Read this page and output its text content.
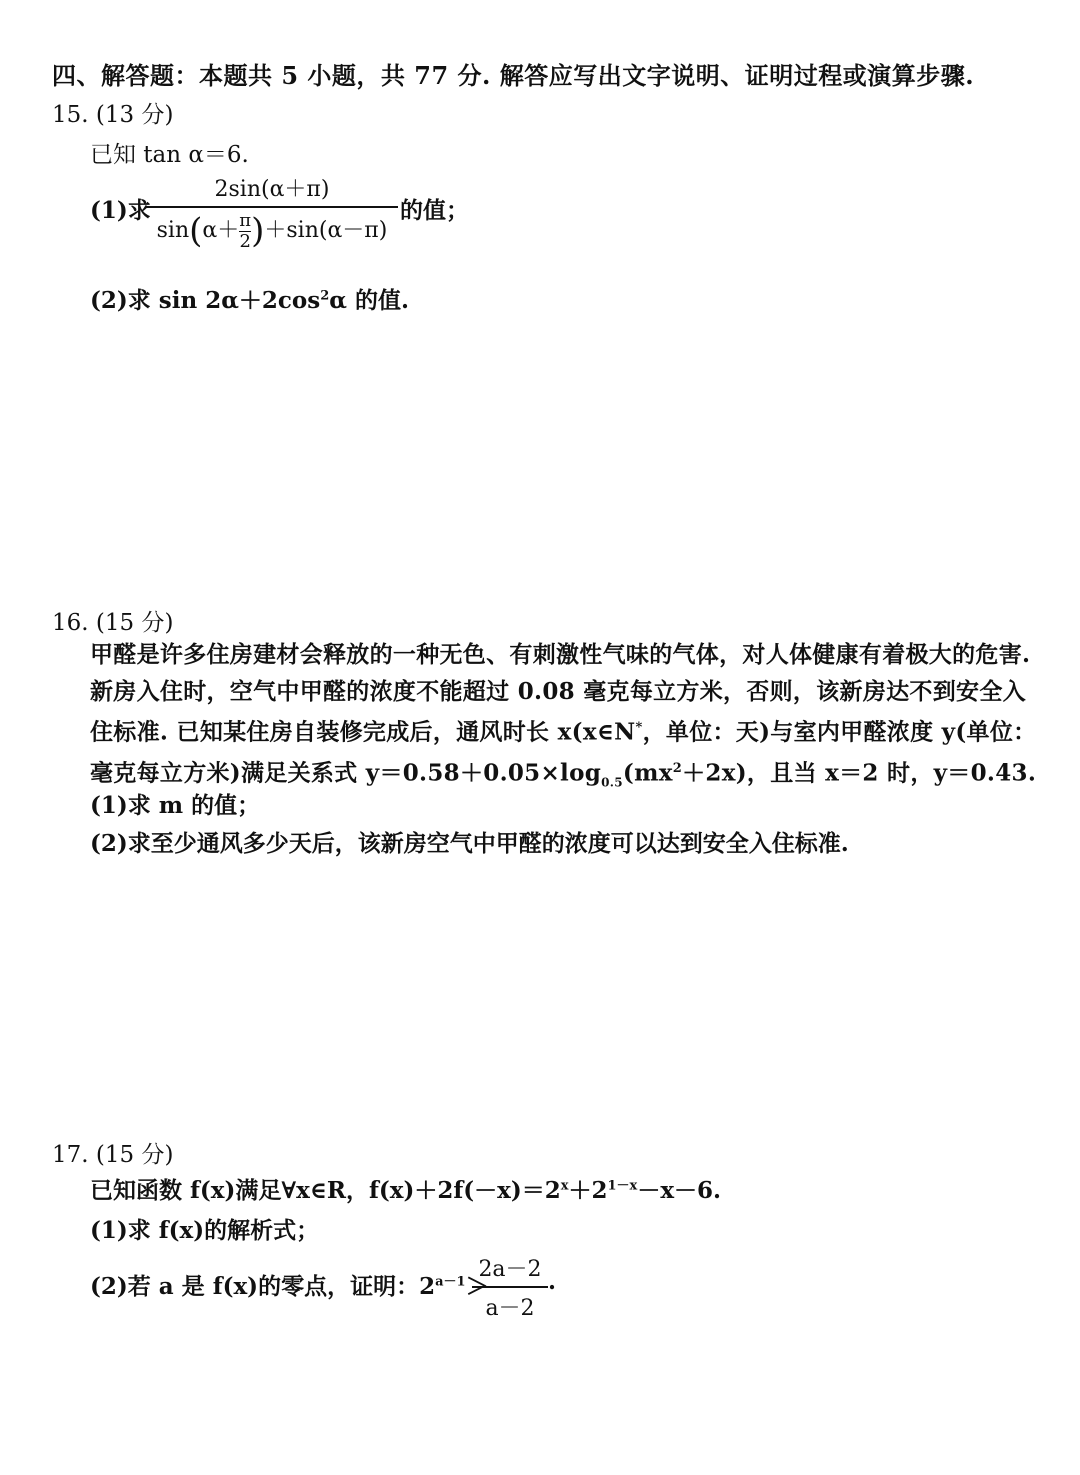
四、解答题：本题共 5 小题，共 77 分. 解答应写出文字说明、证明过程或演算步骤.
15. (13 分)
已知 tan α＝6.
(1)求
2sin(α＋π)
$\sin(\alpha+\frac{\pi}{2})+\sin(\alpha-\pi)$
的值；
(2)求 $\sin 2\alpha+2\cos^2\alpha$ 的值.
16. (15 分)
甲醛是许多住房建材会释放的一种无色、有刺激性气味的气体，对人体健康有着极大的危害. 新房入住时，空气中甲醛的浓度不能超过 0.08 毫克每立方米，否则，该新房达不到安全入住标准. 已知某住房自装修完成后，通风时长 x(x∈N*，单位：天)与室内甲醛浓度 y(单位：毫克每立方米)满足关系式 $y=0.58+0.05\times\log_{0.5}(mx^2+2x)$，且当 x＝2 时，y＝0.43.
(1)求 m 的值；
(2)求至少通风多少天后，该新房空气中甲醛的浓度可以达到安全入住标准.
17. (15 分)
已知函数 f(x)满足∀x∈R，$f(x)+2f(-x)=2^x+2^{1-x}-x-6$.
(1)求 f(x)的解析式；
(2)若 a 是 f(x)的零点，证明：$2^{a-1}>$
2a－2
a－2
.
